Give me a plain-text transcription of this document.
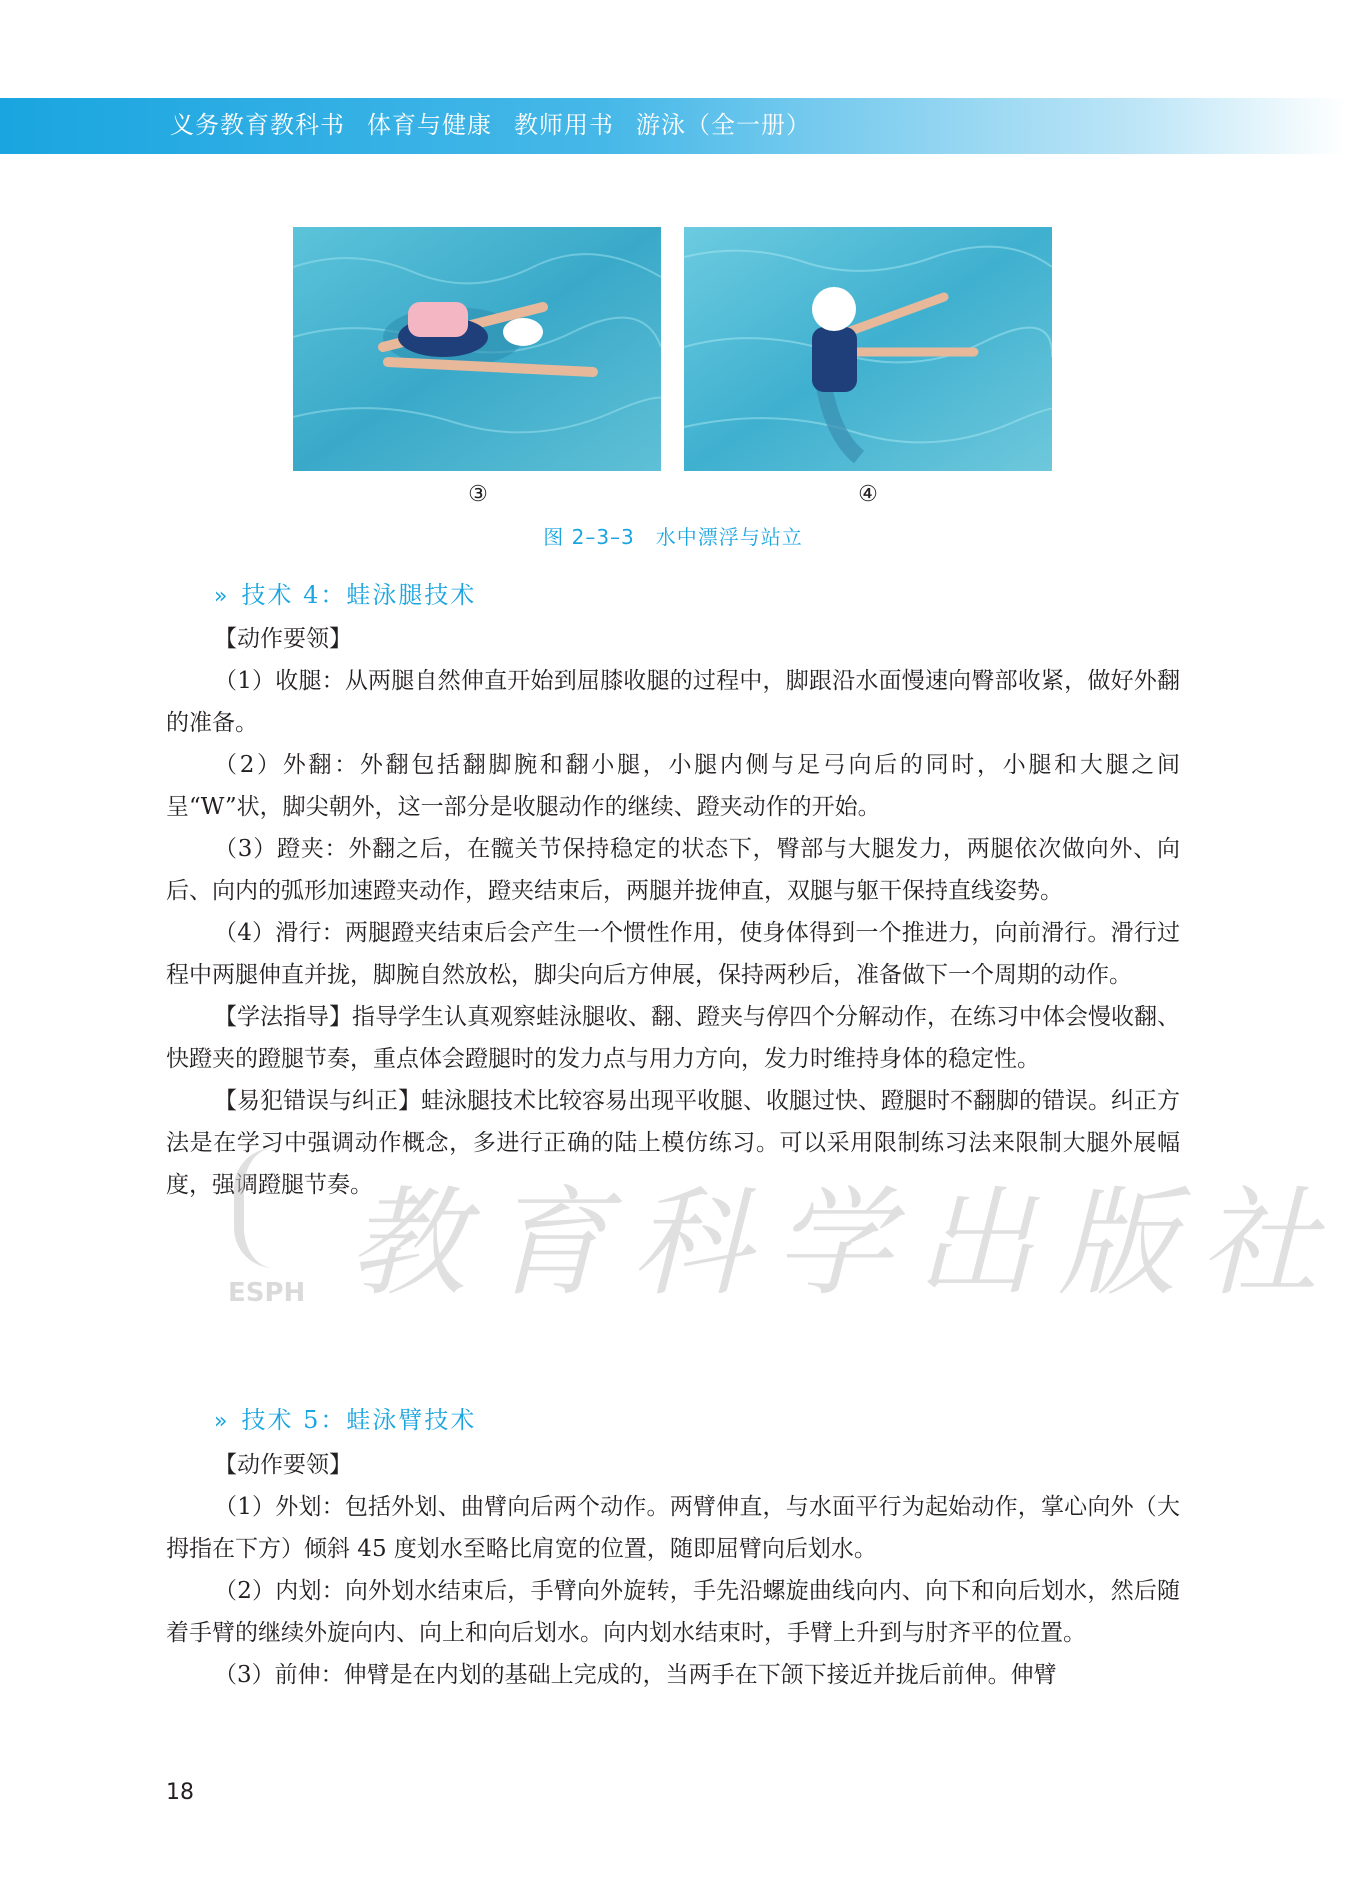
义务教育教科书 体育与健康 教师用书 游泳（全一册）
③	④
图 2–3–3　水中漂浮与站立
» 技术 4：蛙泳腿技术

【动作要领】

（1）收腿：从两腿自然伸直开始到屈膝收腿的过程中，脚跟沿水面慢速向臀部收紧，做好外翻的准备。

（2）外翻：外翻包括翻脚腕和翻小腿，小腿内侧与足弓向后的同时，小腿和大腿之间呈“W”状，脚尖朝外，这一部分是收腿动作的继续、蹬夹动作的开始。

（3）蹬夹：外翻之后，在髋关节保持稳定的状态下，臀部与大腿发力，两腿依次做向外、向后、向内的弧形加速蹬夹动作，蹬夹结束后，两腿并拢伸直，双腿与躯干保持直线姿势。

（4）滑行：两腿蹬夹结束后会产生一个惯性作用，使身体得到一个推进力，向前滑行。滑行过程中两腿伸直并拢，脚腕自然放松，脚尖向后方伸展，保持两秒后，准备做下一个周期的动作。

【学法指导】指导学生认真观察蛙泳腿收、翻、蹬夹与停四个分解动作，在练习中体会慢收翻、快蹬夹的蹬腿节奏，重点体会蹬腿时的发力点与用力方向，发力时维持身体的稳定性。

【易犯错误与纠正】蛙泳腿技术比较容易出现平收腿、收腿过快、蹬腿时不翻脚的错误。纠正方法是在学习中强调动作概念，多进行正确的陆上模仿练习。可以采用限制练习法来限制大腿外展幅度，强调蹬腿节奏。

» 技术 5：蛙泳臂技术

【动作要领】

（1）外划：包括外划、曲臂向后两个动作。两臂伸直，与水面平行为起始动作，掌心向外（大拇指在下方）倾斜 45 度划水至略比肩宽的位置，随即屈臂向后划水。

（2）内划：向外划水结束后，手臂向外旋转，手先沿螺旋曲线向内、向下和向后划水，然后随着手臂的继续外旋向内、向上和向后划水。向内划水结束时，手臂上升到与肘齐平的位置。

（3）前伸：伸臂是在内划的基础上完成的，当两手在下颌下接近并拢后前伸。伸臂

教育科学出版社
ESPH
18
